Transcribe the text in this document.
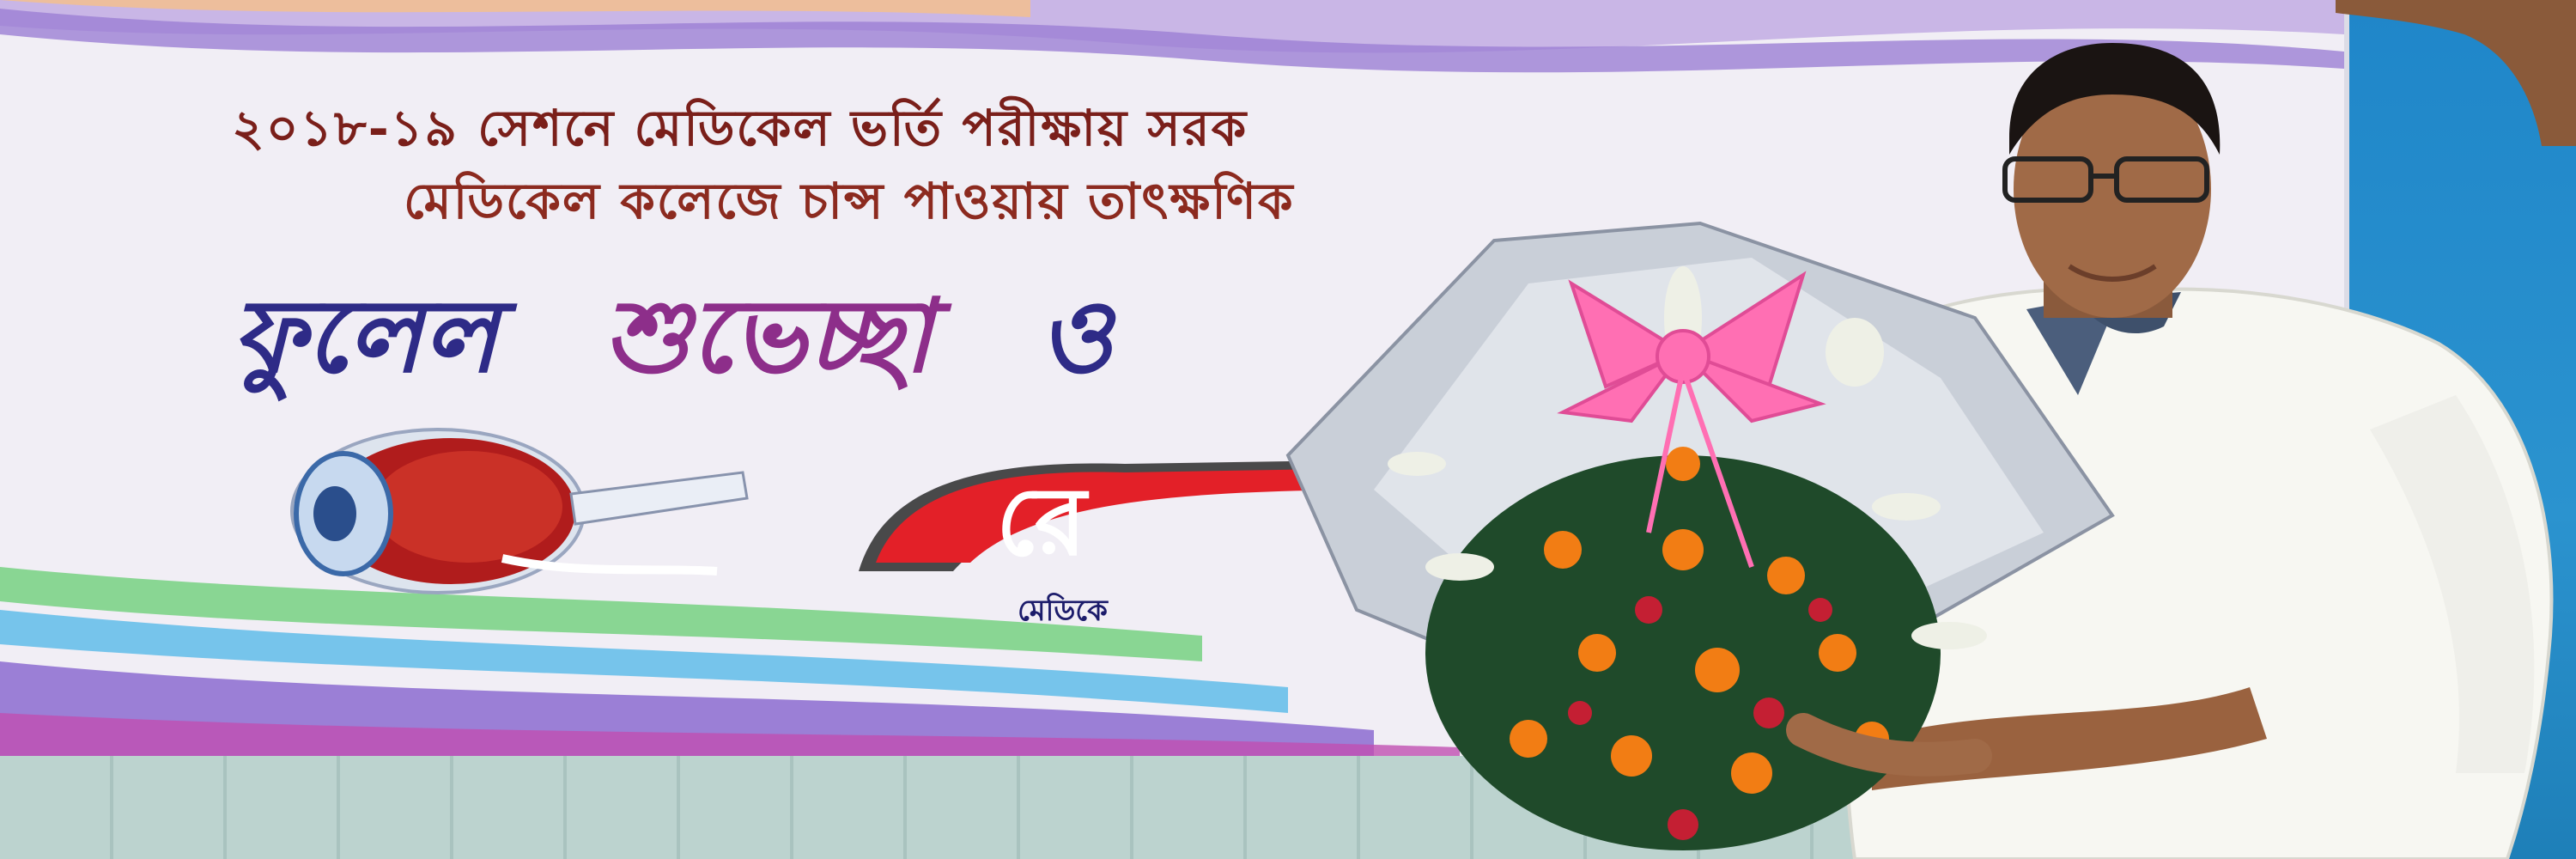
২০১৮-১৯ সেশনে মেডিকেল ভর্তি পরীক্ষায় সরক
মেডিকেল কলেজে চান্স পাওয়ায় তাৎক্ষণিক
ফুলেল শুভেচ্ছা ও
রে
মেডিকে
